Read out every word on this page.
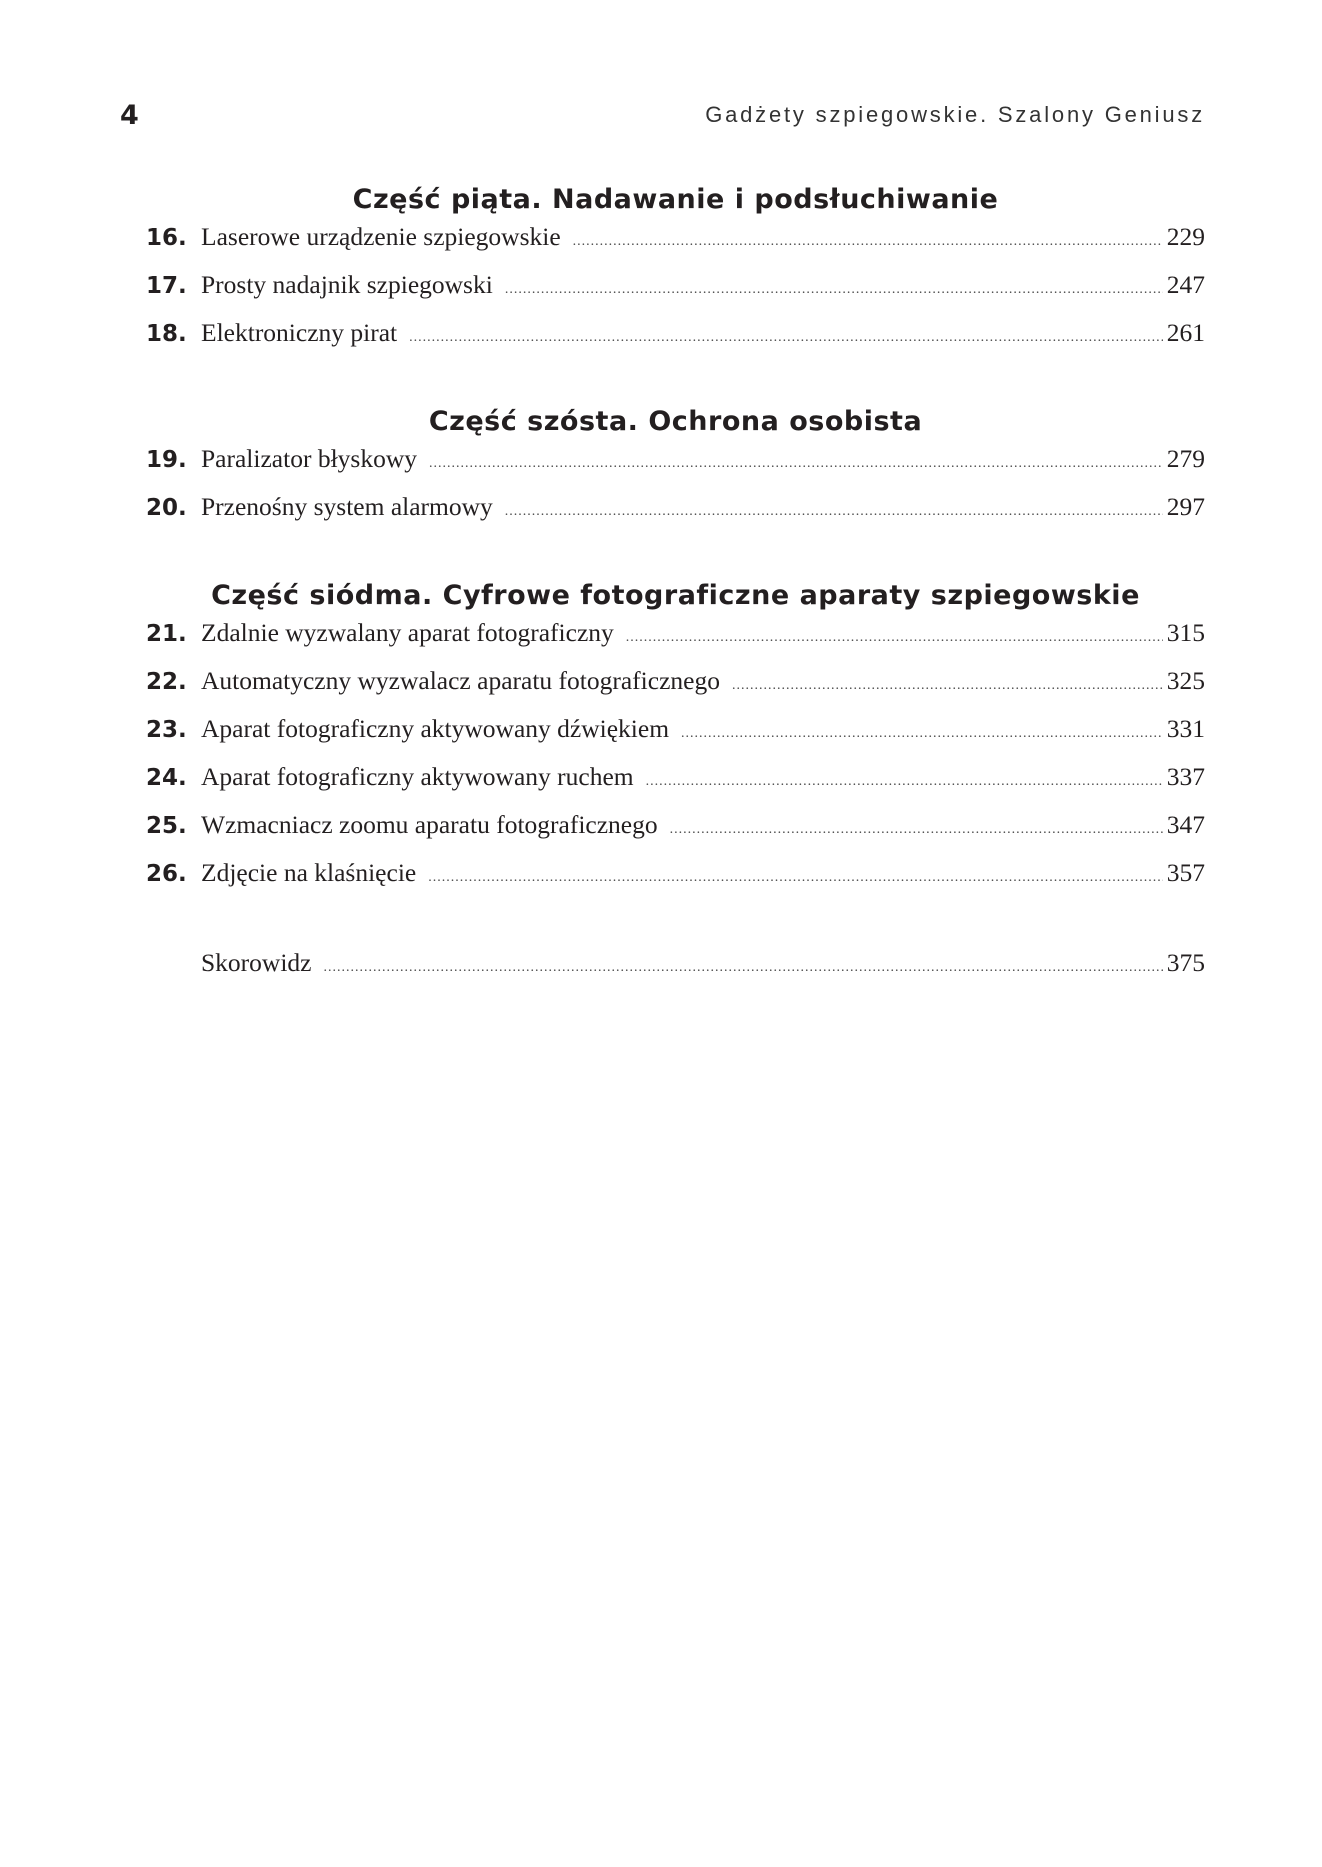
4	Gadżety szpiegowskie. Szalony Geniusz
Część piąta. Nadawanie i podsłuchiwanie
16. Laserowe urządzenie szpiegowskie .....	229
17. Prosty nadajnik szpiegowski .....	247
18. Elektroniczny pirat .....	261
Część szósta. Ochrona osobista
19. Paralizator błyskowy .....	279
20. Przenośny system alarmowy .....	297
Część siódma. Cyfrowe fotograficzne aparaty szpiegowskie
21. Zdalnie wyzwalany aparat fotograficzny .....	315
22. Automatyczny wyzwalacz aparatu fotograficznego .....	325
23. Aparat fotograficzny aktywowany dźwiękiem .....	331
24. Aparat fotograficzny aktywowany ruchem .....	337
25. Wzmacniacz zoomu aparatu fotograficznego .....	347
26. Zdjęcie na klaśnięcie .....	357
Skorowidz .....	375
